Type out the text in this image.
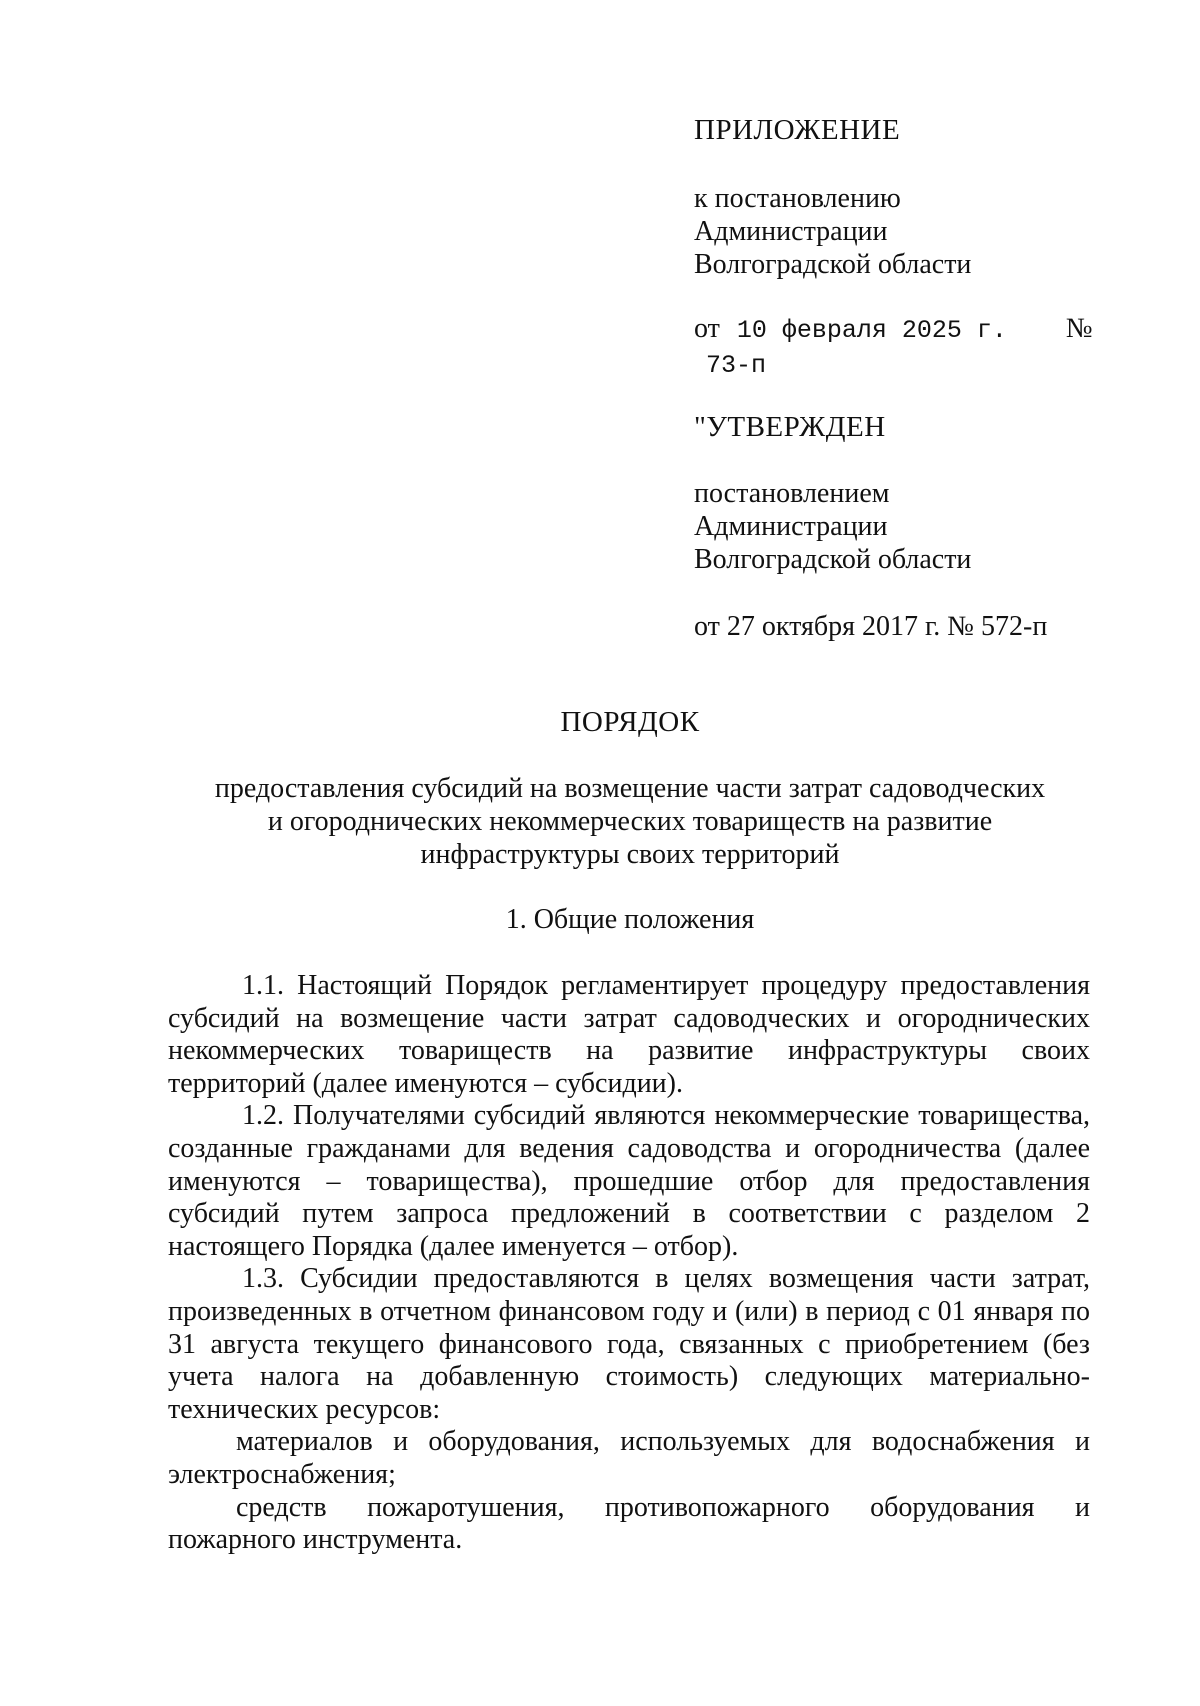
ПРИЛОЖЕНИЕ
к постановлению
Администрации
Волгоградской области
от 10 февраля 2025 г. № 73-п
"УТВЕРЖДЕН
постановлением
Администрации
Волгоградской области
от 27 октября 2017 г. № 572-п
ПОРЯДОК
предоставления субсидий на возмещение части затрат садоводческих
и огороднических некоммерческих товариществ на развитие
инфраструктуры своих территорий
1. Общие положения

1.1. Настоящий Порядок регламентирует процедуру предоставления субсидий на возмещение части затрат садоводческих и огороднических некоммерческих товариществ на развитие инфраструктуры своих территорий (далее именуются – субсидии).

1.2. Получателями субсидий являются некоммерческие товарищества, созданные гражданами для ведения садоводства и огородничества (далее именуются – товарищества), прошедшие отбор для предоставления субсидий путем запроса предложений в соответствии с разделом 2 настоящего Порядка (далее именуется – отбор).

1.3. Субсидии предоставляются в целях возмещения части затрат, произведенных в отчетном финансовом году и (или) в период с 01 января по 31 августа текущего финансового года, связанных с приобретением (без учета налога на добавленную стоимость) следующих материально-технических ресурсов:

материалов и оборудования, используемых для водоснабжения и электроснабжения;

средств пожаротушения, противопожарного оборудования и пожарного инструмента.
